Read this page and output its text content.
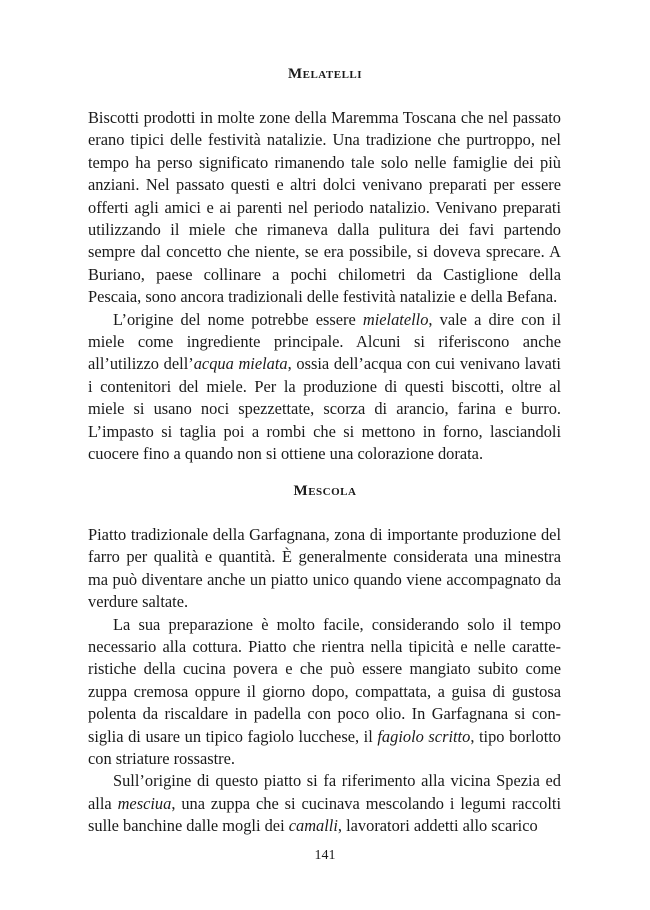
Melatelli

Biscotti prodotti in molte zone della Maremma Toscana che nel passato erano tipici delle festività natalizie. Una tradizione che purtroppo, nel tempo ha perso significato rimanendo tale solo nelle famiglie dei più anziani. Nel passato questi e altri dolci venivano preparati per essere offerti agli amici e ai parenti nel periodo natalizio. Venivano preparati utilizzando il miele che rimaneva dalla pulitura dei favi partendo sempre dal concetto che niente, se era possibile, si doveva sprecare. A Buriano, paese collinare a pochi chilometri da Castiglione della Pescaia, sono ancora tradizionali delle festività natalizie e della Befana.

L’origine del nome potrebbe essere mielatello, vale a dire con il miele come ingrediente principale. Alcuni si riferiscono anche all’utilizzo dell’acqua mielata, ossia dell’acqua con cui venivano lavati i contenitori del miele. Per la produzione di questi biscotti, oltre al miele si usano noci spezzettate, scorza di arancio, farina e burro. L’impasto si taglia poi a rombi che si mettono in forno, lasciandoli cuocere fino a quando non si ottiene una colorazione dorata.

Mescola

Piatto tradizionale della Garfagnana, zona di importante produzione del farro per qualità e quantità. È generalmente considerata una minestra ma può diventare anche un piatto unico quando viene accompagnato da verdure saltate.

La sua preparazione è molto facile, considerando solo il tempo necessario alla cottura. Piatto che rientra nella tipicità e nelle caratteristiche della cucina povera e che può essere mangiato subito come zuppa cremosa oppure il giorno dopo, compattata, a guisa di gustosa polenta da riscaldare in padella con poco olio. In Garfagnana si consiglia di usare un tipico fagiolo lucchese, il fagiolo scritto, tipo borlotto con striature rossastre.

Sull’origine di questo piatto si fa riferimento alla vicina Spezia ed alla mesciua, una zuppa che si cucinava mescolando i legumi raccolti sulle banchine dalle mogli dei camalli, lavoratori addetti allo scarico

141
